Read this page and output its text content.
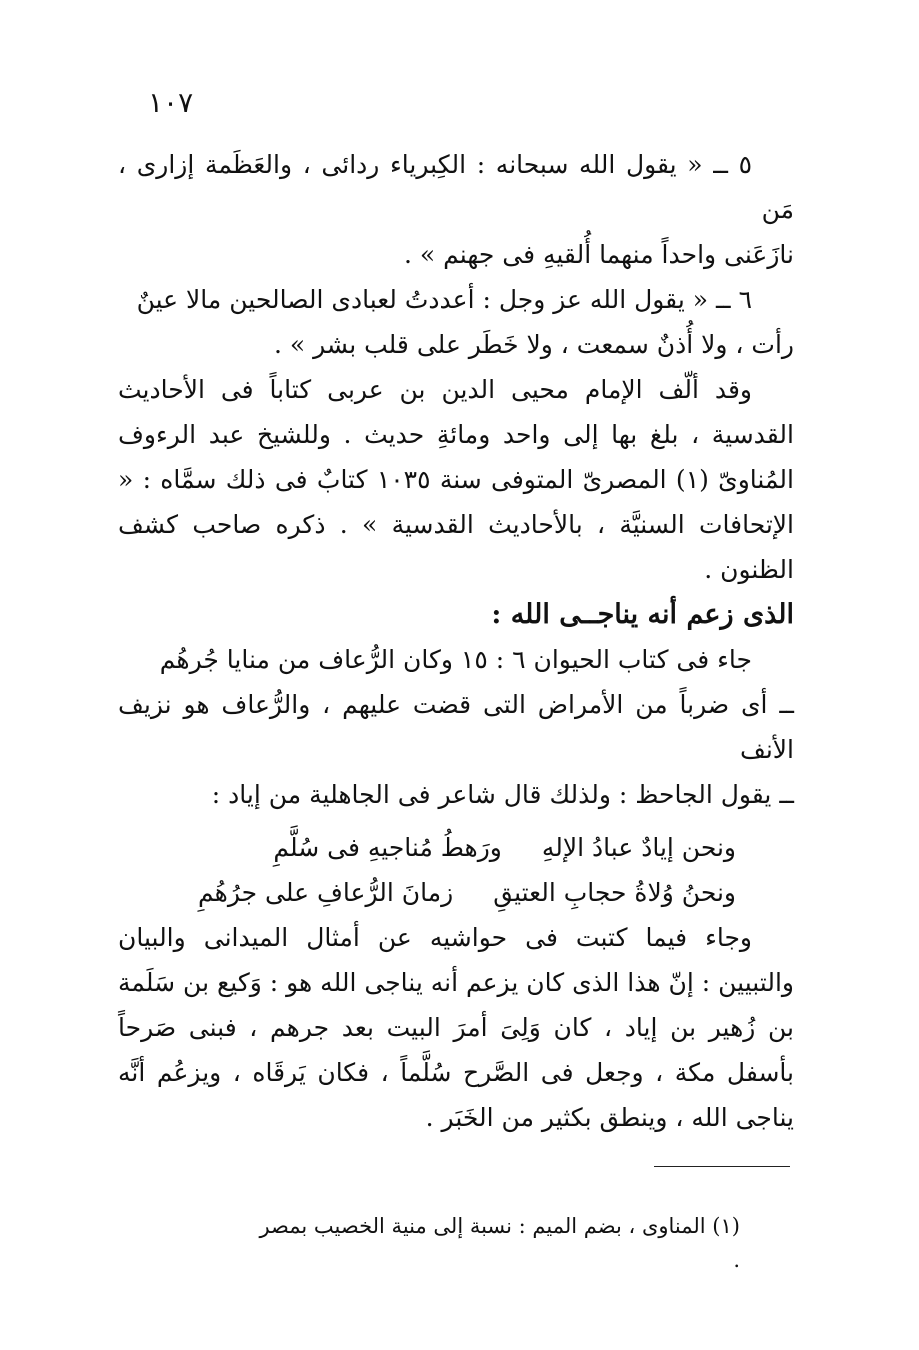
١٠٧

٥ ــ « يقول الله سبحانه : الكِبرياء ردائى ، والعَظَمة إزارى ، مَن

نازَعَنى واحداً منهما أُلقيهِ فى جهنم » .

٦ ــ « يقول الله عز وجل : أعددتُ لعبادى الصالحين مالا عينٌ

رأت ، ولا أُذنٌ سمعت ، ولا خَطَر على قلب بشر » .

وقد ألّف الإمام محيى الدين بن عربى كتاباً فى الأحاديث القدسية ، بلغ بها إلى واحد ومائةِ حديث . وللشيخ عبد الرءوف المُناوىّ (١) المصرىّ المتوفى سنة ١٠٣٥ كتابٌ فى ذلك سمَّاه : « الإتحافات السنيَّة ، بالأحاديث القدسية » . ذكره صاحب كشف الظنون .

الذى زعم أنه يناجــى الله :

جاء فى كتاب الحيوان ٦ : ١٥ وكان الرُّعاف من منايا جُرهُم

ــ أى ضرباً من الأمراض التى قضت عليهم ، والرُّعاف هو نزيف الأنف

ــ يقول الجاحظ : ولذلك قال شاعر فى الجاهلية من إياد :

ونحن إيادٌ عبادُ الإلهِ
ورَهطُ مُناجيهِ فى سُلَّمِ
ونحنُ وُلاةُ حجابِ العتيقِ
زمانَ الرُّعافِ على جرُهُمِ

وجاء فيما كتبت فى حواشيه عن أمثال الميدانى والبيان والتبيين : إنّ هذا الذى كان يزعم أنه يناجى الله هو : وَكيع بن سَلَمة بن زُهير بن إياد ، كان وَلِىَ أمرَ البيت بعد جرهم ، فبنى صَرحاً بأسفل مكة ، وجعل فى الصَّرح سُلَّماً ، فكان يَرقَاه ، ويزعُم أنَّه يناجى الله ، وينطق بكثير من الخَبَر .

(١) المناوى ، بضم الميم : نسبة إلى منية الخصيب بمصر .
